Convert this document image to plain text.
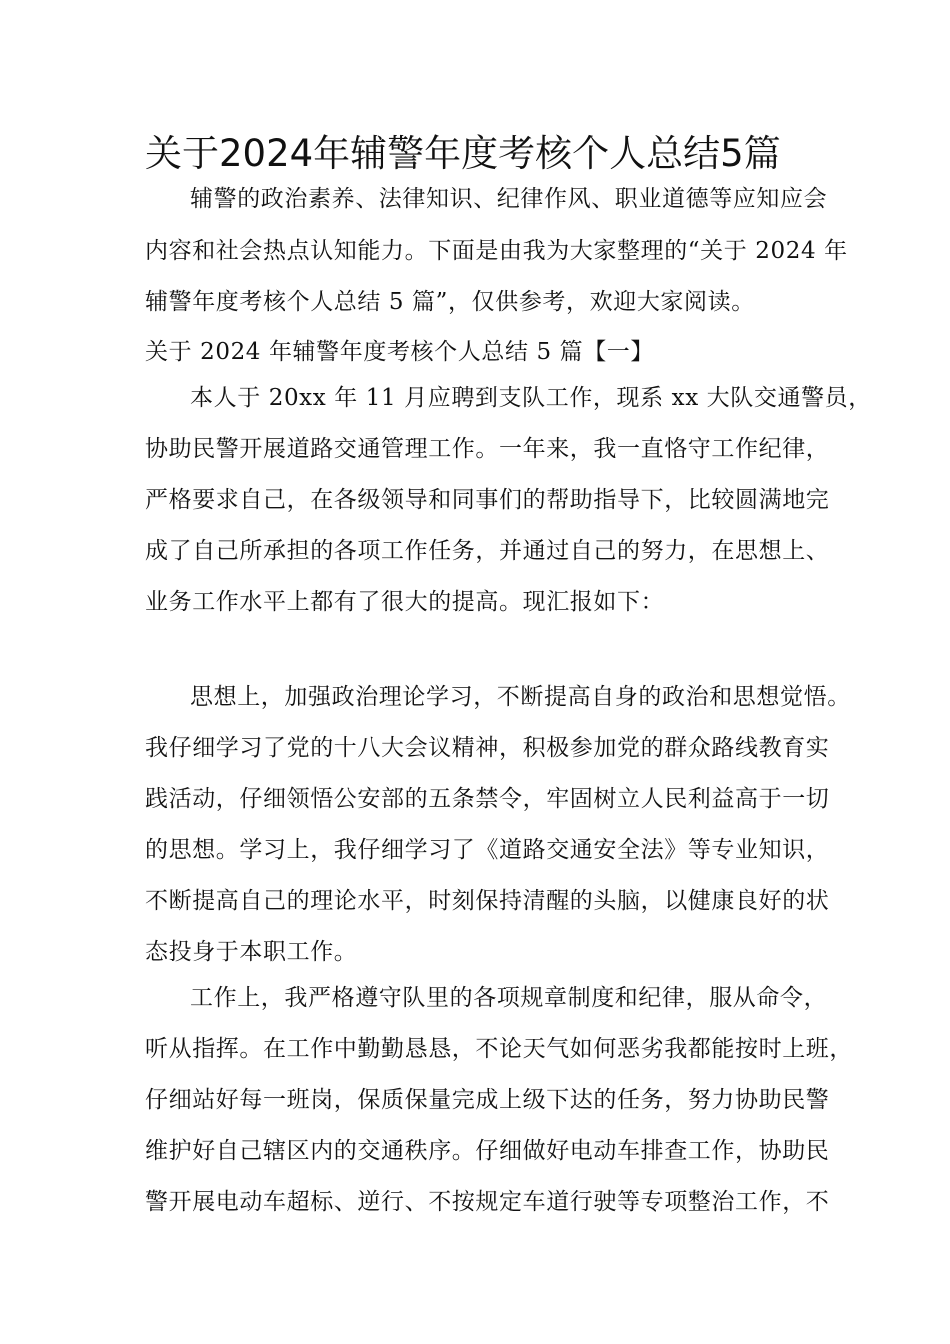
关于2024年辅警年度考核个人总结5篇

辅警的政治素养、法律知识、纪律作风、职业道德等应知应会

内容和社会热点认知能力。下面是由我为大家整理的“关于 2024 年

辅警年度考核个人总结 5 篇”，仅供参考，欢迎大家阅读。

关于 2024 年辅警年度考核个人总结 5 篇【一】

本人于 20xx 年 11 月应聘到支队工作，现系 xx 大队交通警员，

协助民警开展道路交通管理工作。一年来，我一直恪守工作纪律，

严格要求自己，在各级领导和同事们的帮助指导下，比较圆满地完

成了自己所承担的各项工作任务，并通过自己的努力，在思想上、

业务工作水平上都有了很大的提高。现汇报如下：

思想上，加强政治理论学习，不断提高自身的政治和思想觉悟。

我仔细学习了党的十八大会议精神，积极参加党的群众路线教育实

践活动，仔细领悟公安部的五条禁令，牢固树立人民利益高于一切

的思想。学习上，我仔细学习了《道路交通安全法》等专业知识，

不断提高自己的理论水平，时刻保持清醒的头脑，以健康良好的状

态投身于本职工作。

工作上，我严格遵守队里的各项规章制度和纪律，服从命令，

听从指挥。在工作中勤勤恳恳，不论天气如何恶劣我都能按时上班，

仔细站好每一班岗，保质保量完成上级下达的任务，努力协助民警

维护好自己辖区内的交通秩序。仔细做好电动车排查工作，协助民

警开展电动车超标、逆行、不按规定车道行驶等专项整治工作，不
